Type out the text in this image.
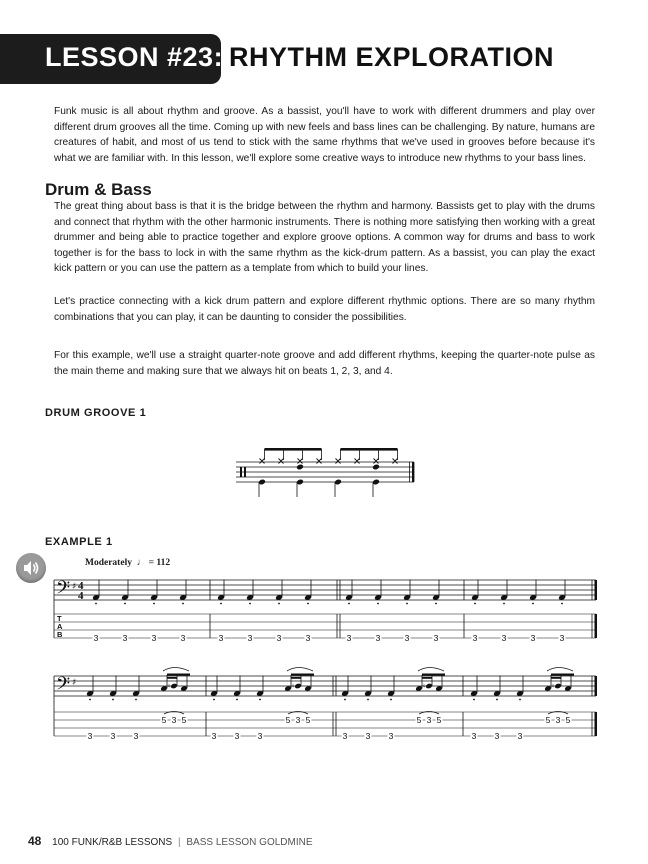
LESSON #23: RHYTHM EXPLORATION

Funk music is all about rhythm and groove. As a bassist, you'll have to work with different drummers and play over different drum grooves all the time. Coming up with new feels and bass lines can be challenging. By nature, humans are creatures of habit, and most of us tend to stick with the same rhythms that we've used in grooves before because it's what we are familiar with. In this lesson, we'll explore some creative ways to introduce new rhythms to your bass lines.

Drum & Bass

The great thing about bass is that it is the bridge between the rhythm and harmony. Bassists get to play with the drums and connect that rhythm with the other harmonic instruments. There is nothing more satisfying then working with a great drummer and being able to practice together and explore groove options. A common way for drums and bass to work together is for the bass to lock in with the same rhythm as the kick-drum pattern. As a bassist, you can play the exact kick pattern or you can use the pattern as a template from which to build your lines.

Let's practice connecting with a kick drum pattern and explore different rhythmic options. There are so many rhythm combinations that you can play, it can be daunting to consider the possibilities.

For this example, we'll use a straight quarter-note groove and add different rhythms, keeping the quarter-note pulse as the main theme and making sure that we always hit on beats 1, 2, 3, and 4.

DRUM GROOVE 1
EXAMPLE 1
Moderately ♩ = 112
𝄢 ♯ 4
4
𝄢 ♯
T
A
B	3	3	3	3	3	3	3	3	3	3	3	3	3	3	3	3
3 3 3
♮
5 3 5
3 3 3
♮
5 3 5
3 3 3
♮
5 3 5
3 3 3
♮
5 3 5
48 100 FUNK/R&B LESSONS | BASS LESSON GOLDMINE
